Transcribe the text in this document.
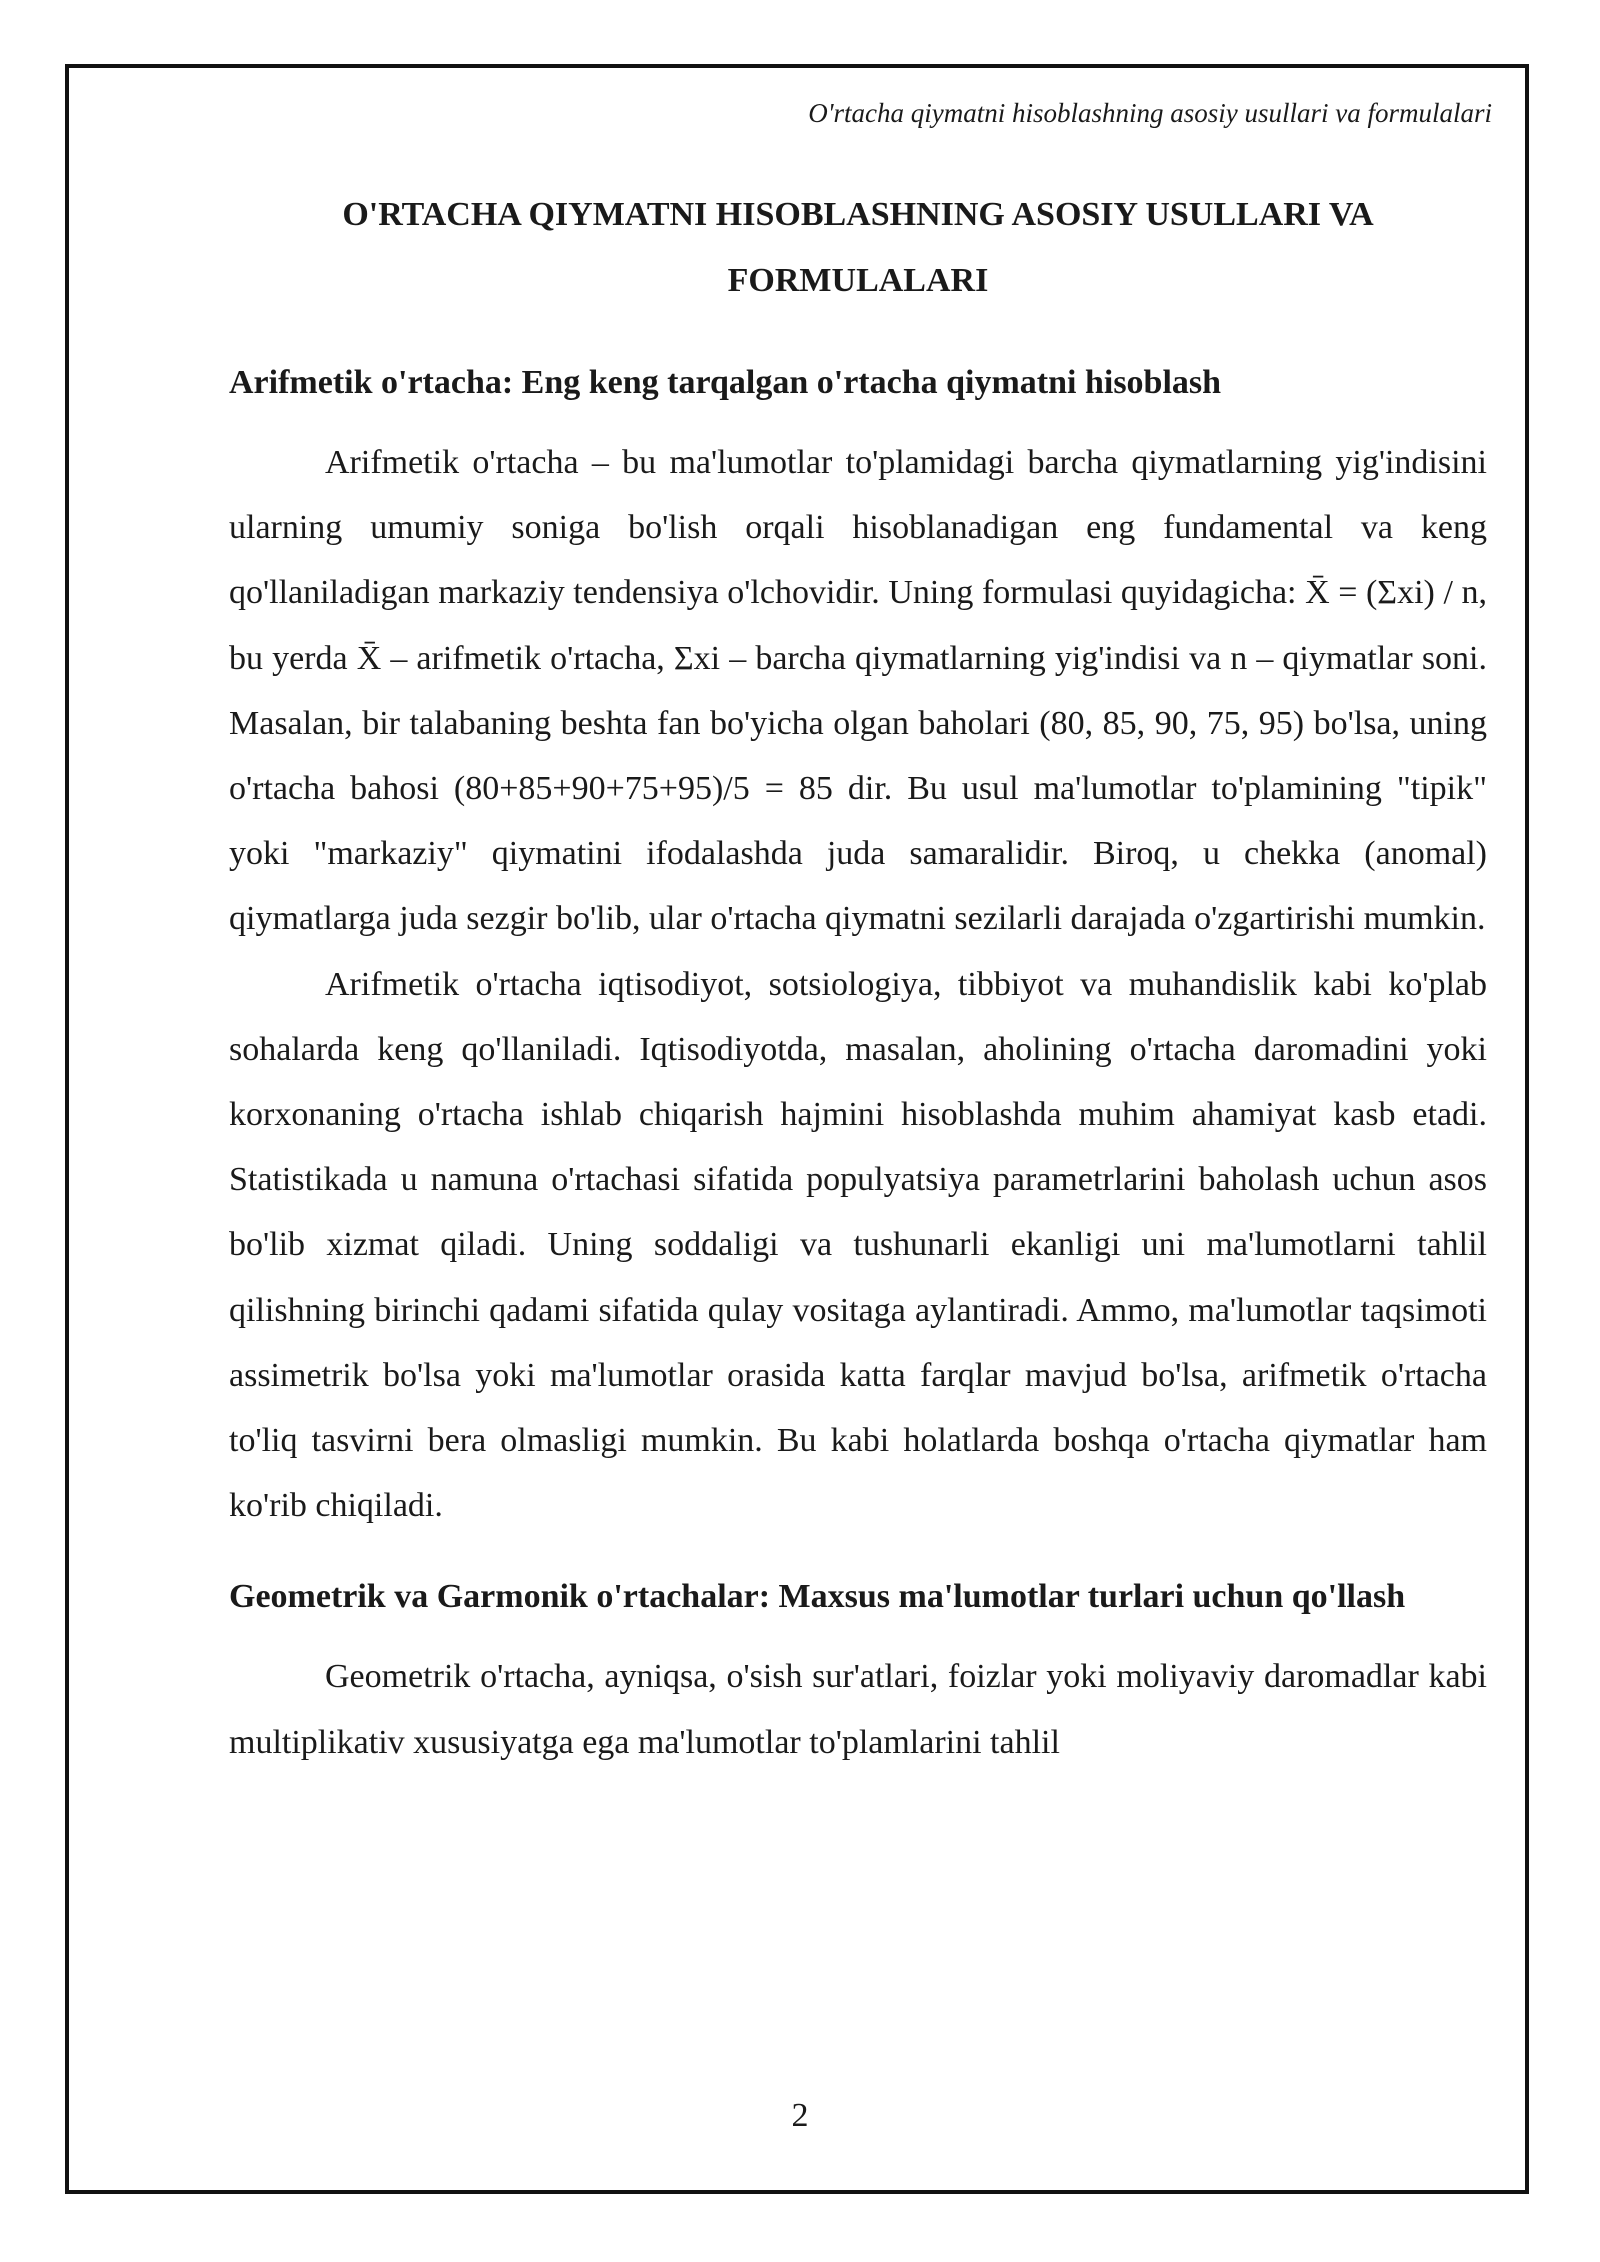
O'rtacha qiymatni hisoblashning asosiy usullari va formulalari
O'RTACHA QIYMATNI HISOBLASHNING ASOSIY USULLARI VA FORMULALARI
Arifmetik o'rtacha: Eng keng tarqalgan o'rtacha qiymatni hisoblash

Arifmetik o'rtacha – bu ma'lumotlar to'plamidagi barcha qiymatlarning yig'indisini ularning umumiy soniga bo'lish orqali hisoblanadigan eng fundamental va keng qo'llaniladigan markaziy tendensiya o'lchovidir. Uning formulasi quyidagicha: X̄ = (Σxi) / n, bu yerda X̄ – arifmetik o'rtacha, Σxi – barcha qiymatlarning yig'indisi va n – qiymatlar soni. Masalan, bir talabaning beshta fan bo'yicha olgan baholari (80, 85, 90, 75, 95) bo'lsa, uning o'rtacha bahosi (80+85+90+75+95)/5 = 85 dir. Bu usul ma'lumotlar to'plamining "tipik" yoki "markaziy" qiymatini ifodalashda juda samaralidir. Biroq, u chekka (anomal) qiymatlarga juda sezgir bo'lib, ular o'rtacha qiymatni sezilarli darajada o'zgartirishi mumkin.

Arifmetik o'rtacha iqtisodiyot, sotsiologiya, tibbiyot va muhandislik kabi ko'plab sohalarda keng qo'llaniladi. Iqtisodiyotda, masalan, aholining o'rtacha daromadini yoki korxonaning o'rtacha ishlab chiqarish hajmini hisoblashda muhim ahamiyat kasb etadi. Statistikada u namuna o'rtachasi sifatida populyatsiya parametrlarini baholash uchun asos bo'lib xizmat qiladi. Uning soddaligi va tushunarli ekanligi uni ma'lumotlarni tahlil qilishning birinchi qadami sifatida qulay vositaga aylantiradi. Ammo, ma'lumotlar taqsimoti assimetrik bo'lsa yoki ma'lumotlar orasida katta farqlar mavjud bo'lsa, arifmetik o'rtacha to'liq tasvirni bera olmasligi mumkin. Bu kabi holatlarda boshqa o'rtacha qiymatlar ham ko'rib chiqiladi.

Geometrik va Garmonik o'rtachalar: Maxsus ma'lumotlar turlari uchun qo'llash

Geometrik o'rtacha, ayniqsa, o'sish sur'atlari, foizlar yoki moliyaviy daromadlar kabi multiplikativ xususiyatga ega ma'lumotlar to'plamlarini tahlil

2
